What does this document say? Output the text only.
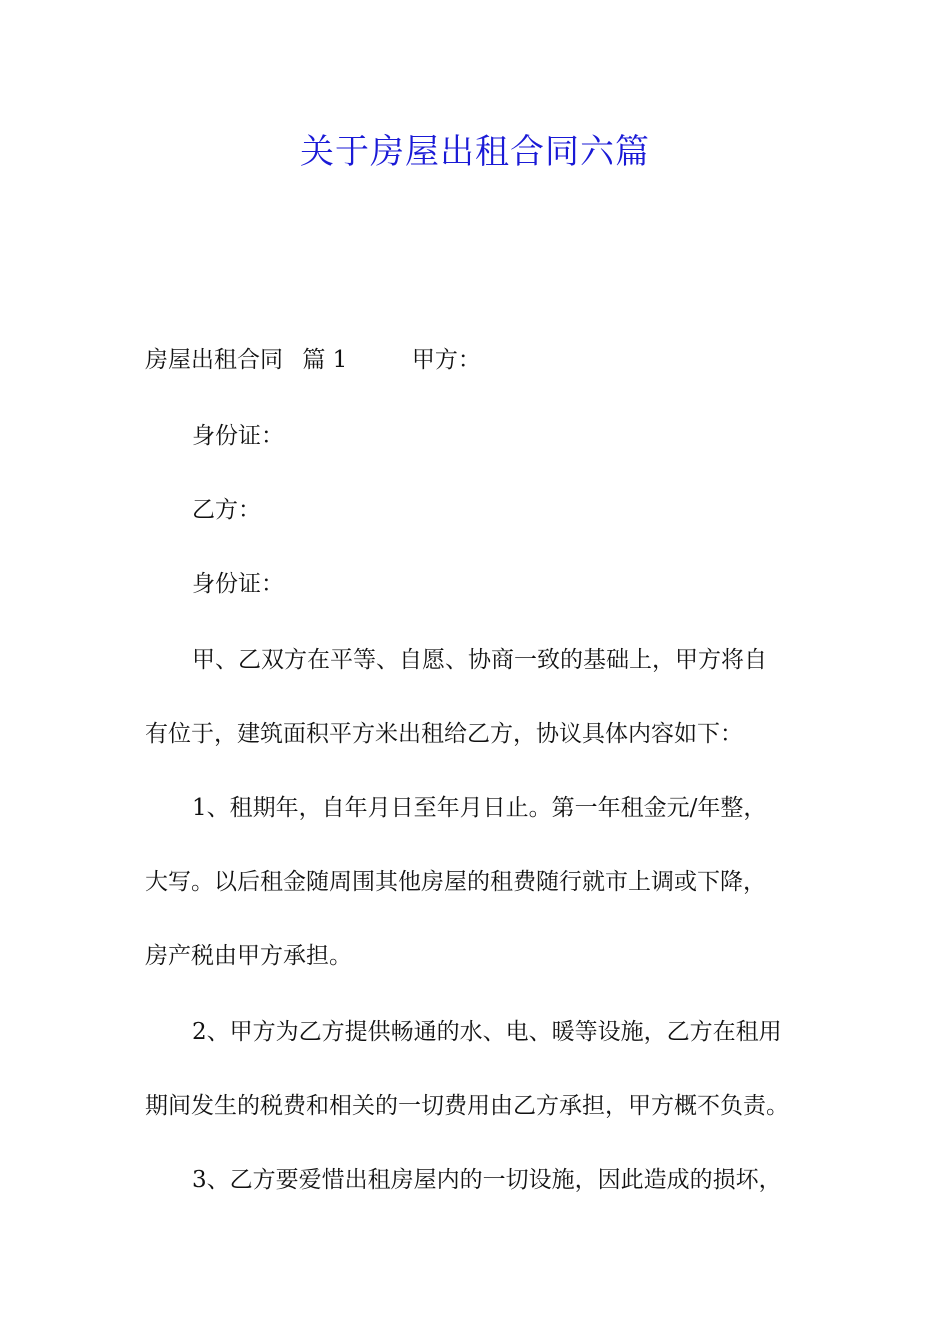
关于房屋出租合同六篇
房屋出租合同 篇 1	甲方：
身份证：
乙方：
身份证：
甲、乙双方在平等、自愿、协商一致的基础上，甲方将自
有位于，建筑面积平方米出租给乙方，协议具体内容如下：
1、租期年，自年月日至年月日止。第一年租金元/年整，
大写。以后租金随周围其他房屋的租费随行就市上调或下降，
房产税由甲方承担。
2、甲方为乙方提供畅通的水、电、暖等设施，乙方在租用
期间发生的税费和相关的一切费用由乙方承担，甲方概不负责。
3、乙方要爱惜出租房屋内的一切设施，因此造成的损坏，
